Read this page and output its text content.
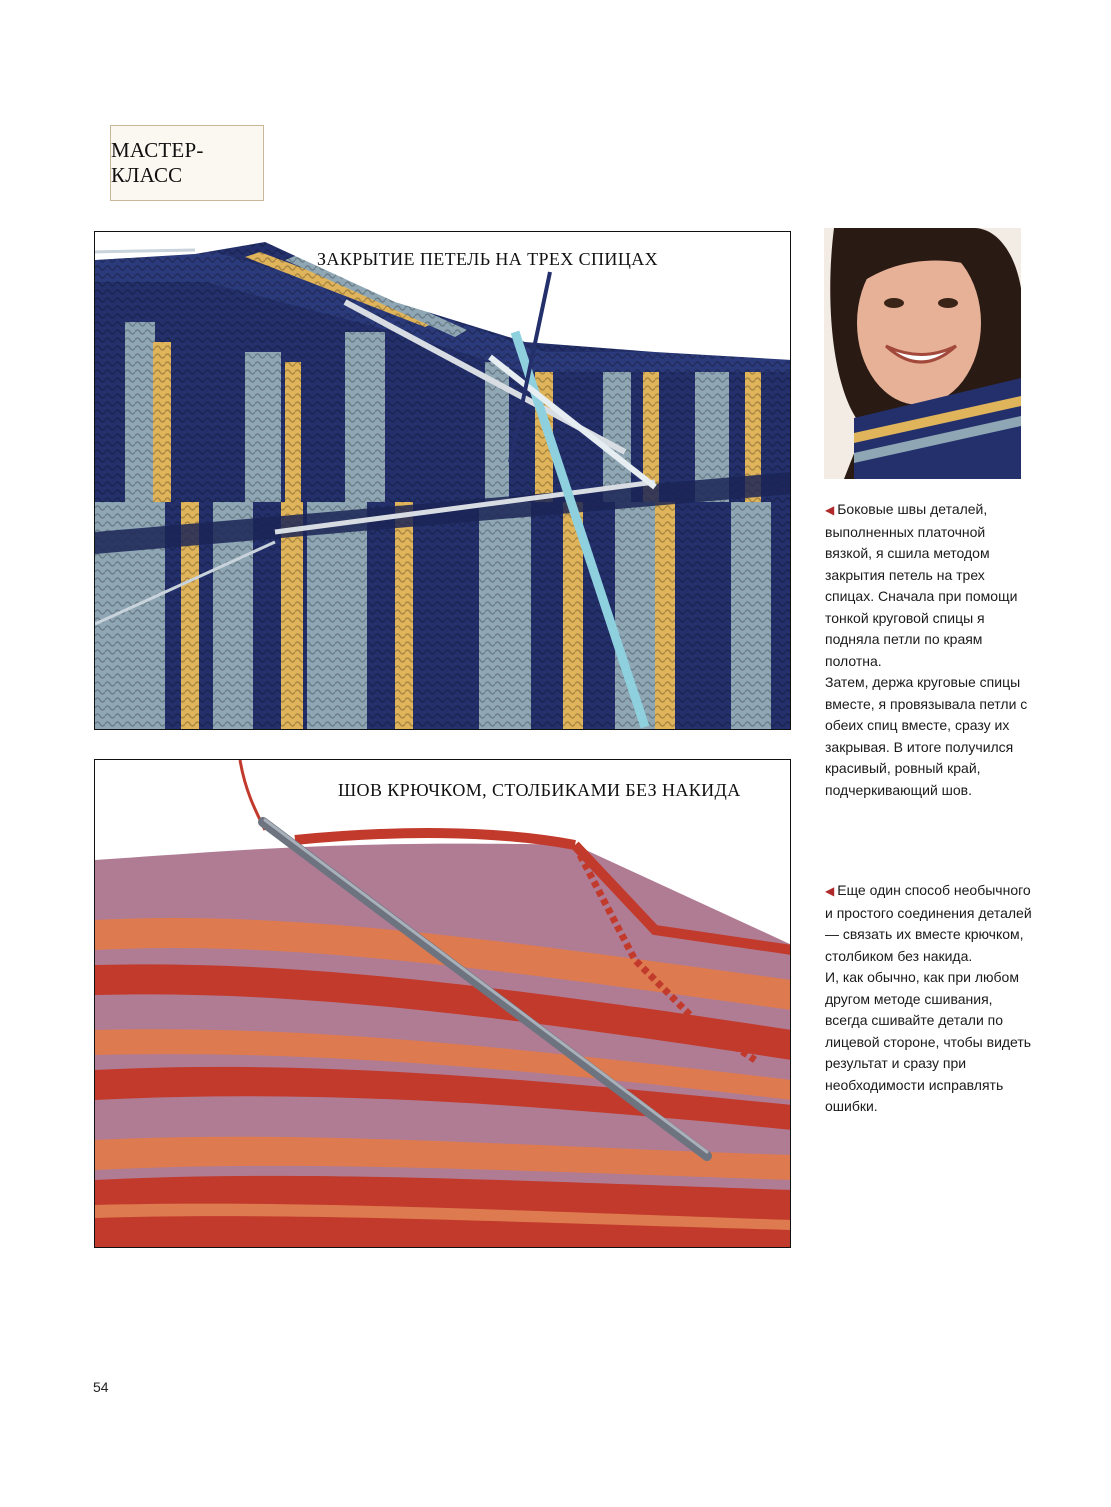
МАСТЕР-КЛАСС
ЗАКРЫТИЕ ПЕТЕЛЬ НА ТРЕХ СПИЦАХ

◀ Боковые швы деталей, выполненных платочной вязкой, я сшила методом закрытия петель на трех спицах. Сначала при помощи тонкой круговой спицы я подняла петли по краям полотна.

Затем, держа круговые спицы вместе, я провязывала петли с обеих спиц вместе, сразу их закрывая. В итоге получился красивый, ровный край, подчеркивающий шов.

ШОВ КРЮЧКОМ, СТОЛБИКАМИ БЕЗ НАКИДА

◀ Еще один способ необычного и простого соединения деталей — связать их вместе крючком, столбиком без накида.

И, как обычно, как при любом другом методе сшивания, всегда сшивайте детали по лицевой стороне, чтобы видеть результат и сразу при необходимости исправлять ошибки.

54
